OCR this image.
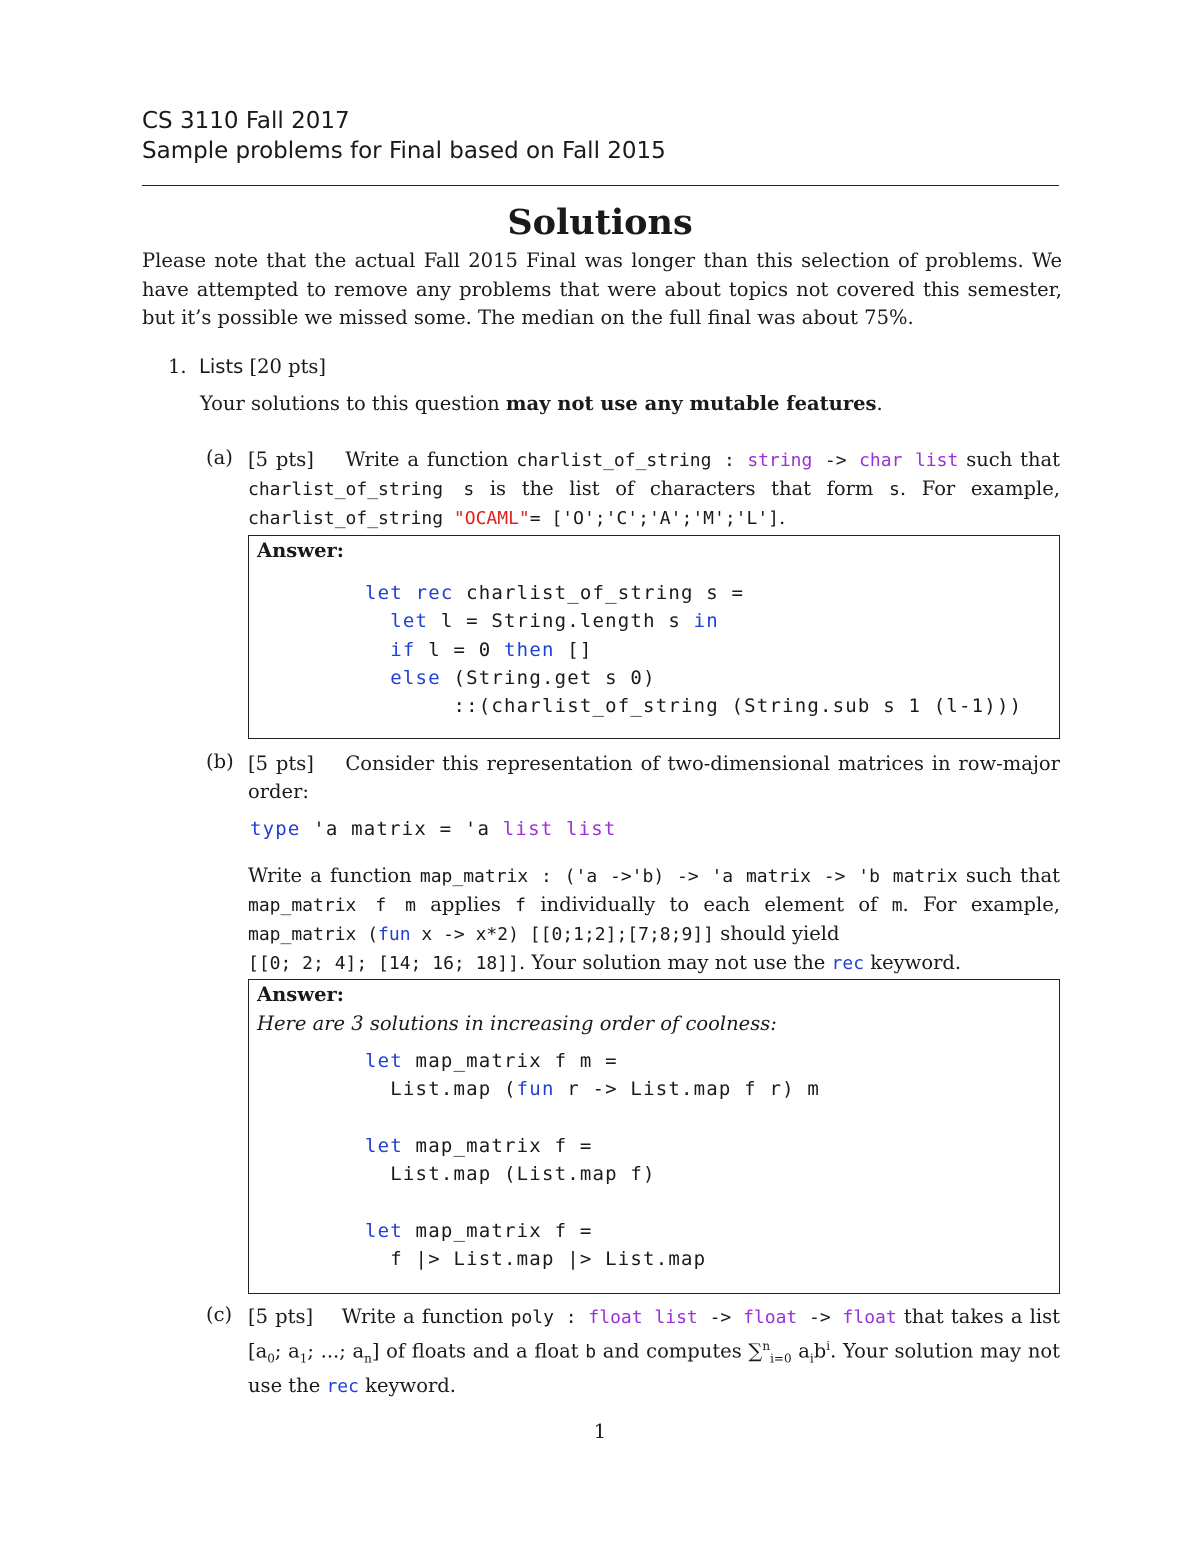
CS 3110 Fall 2017
Sample problems for Final based on Fall 2015
Solutions
Please note that the actual Fall 2015 Final was longer than this selection of problems. We have attempted to remove any problems that were about topics not covered this semester, but it’s possible we missed some. The median on the full final was about 75%.
1. Lists [20 pts]
Your solutions to this question may not use any mutable features.
(a) [5 pts]    Write a function charlist_of_string : string -> char list such that charlist_of_string s is the list of characters that form s. For example, charlist_of_string "OCAML"= ['O';'C';'A';'M';'L'].
Answer:
let rec charlist_of_string s =
let l = String.length s in
if l = 0 then []
else (String.get s 0)
::(charlist_of_string (String.sub s 1 (l-1)))
(b) [5 pts] Consider this representation of two-dimensional matrices in row-major order:
type 'a matrix = 'a list list
Write a function map_matrix : ('a ->'b) -> 'a matrix -> 'b matrix such that map_matrix f m applies f individually to each element of m. For example, map_matrix (fun x -> x*2) [[0;1;2];[7;8;9]] should yield
[[0; 2; 4]; [14; 16; 18]]. Your solution may not use the rec keyword.
Answer:
Here are 3 solutions in increasing order of coolness:
let map_matrix f m =
List.map (fun r -> List.map f r) m

let map_matrix f =
List.map (List.map f)

let map_matrix f =
f |> List.map |> List.map
(c) [5 pts]    Write a function poly : float list -> float -> float that takes a list [$a_0$; $a_1$; ...; $a_n$] of floats and a float b and computes ∑$^n_{i=0}$ $a_ib^i$. Your solution may not use the rec keyword.
1
